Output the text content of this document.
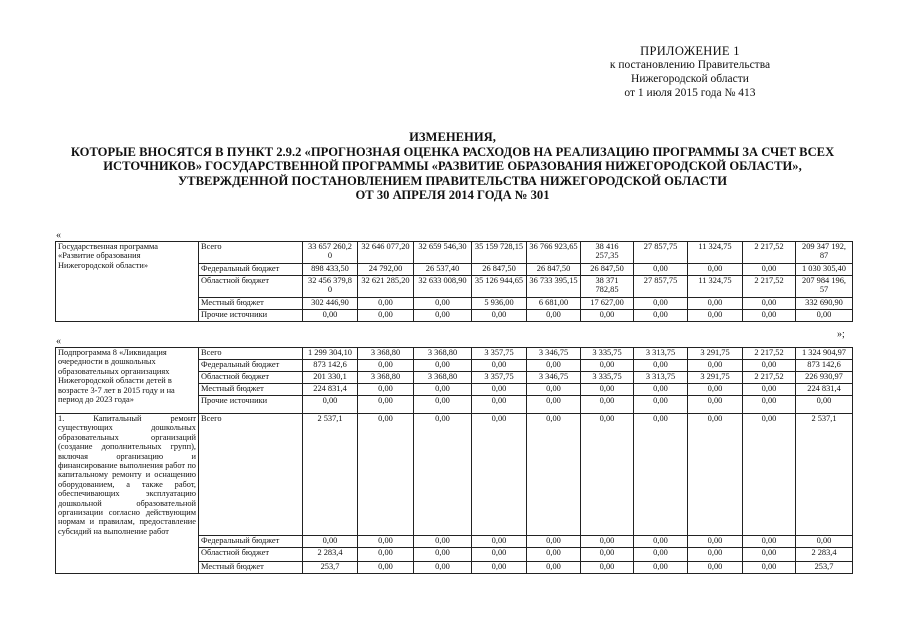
ПРИЛОЖЕНИЕ 1
к постановлению Правительства
Нижегородской области
от 1 июля 2015 года № 413
ИЗМЕНЕНИЯ,
КОТОРЫЕ ВНОСЯТСЯ В ПУНКТ 2.9.2 «ПРОГНОЗНАЯ ОЦЕНКА РАСХОДОВ НА РЕАЛИЗАЦИЮ ПРОГРАММЫ ЗА СЧЕТ ВСЕХ
ИСТОЧНИКОВ» ГОСУДАРСТВЕННОЙ ПРОГРАММЫ «РАЗВИТИЕ ОБРАЗОВАНИЯ НИЖЕГОРОДСКОЙ ОБЛАСТИ»,
УТВЕРЖДЕННОЙ ПОСТАНОВЛЕНИЕМ ПРАВИТЕЛЬСТВА НИЖЕГОРОДСКОЙ ОБЛАСТИ
ОТ 30 АПРЕЛЯ 2014 ГОДА № 301
«
Государственная программа «Развитие образования Нижегородской области»	Всего	33 657 260,2 0	32 646 077,20	32 659 546,30	35 159 728,15	36 766 923,65	38 416 257,35	27 857,75	11 324,75	2 217,52	209 347 192, 87
	Федеральный бюджет	898 433,50	24 792,00	26 537,40	26 847,50	26 847,50	26 847,50	0,00	0,00	0,00	1 030 305,40
	Областной бюджет	32 456 379,8 0	32 621 285,20	32 633 008,90	35 126 944,65	36 733 395,15	38 371 782,85	27 857,75	11 324,75	2 217,52	207 984 196, 57
	Местный бюджет	302 446,90	0,00	0,00	5 936,00	6 681,00	17 627,00	0,00	0,00	0,00	332 690,90
	Прочие источники	0,00	0,00	0,00	0,00	0,00	0,00	0,00	0,00	0,00	0,00
«
»;
Подпрограмма 8 «Ликвидация очередности в дошкольных образовательных организациях Нижегородской области детей в возрасте 3-7 лет в 2015 году и на период до 2023 года»	Всего	1 299 304,10	3 368,80	3 368,80	3 357,75	3 346,75	3 335,75	3 313,75	3 291,75	2 217,52	1 324 904,97
	Федеральный бюджет	873 142,6	0,00	0,00	0,00	0,00	0,00	0,00	0,00	0,00	873 142,6
	Областной бюджет	201 330,1	3 368,80	3 368,80	3 357,75	3 346,75	3 335,75	3 313,75	3 291,75	2 217,52	226 930,97
	Местный бюджет	224 831,4	0,00	0,00	0,00	0,00	0,00	0,00	0,00	0,00	224 831,4
	Прочие источники	0,00	0,00	0,00	0,00	0,00	0,00	0,00	0,00	0,00	0,00
1. Капитальный ремонт существующих дошкольных образовательных организаций (создание дополнительных групп), включая организацию и финансирование выполнения работ по капитальному ремонту и оснащению оборудованием, а также работ, обеспечивающих эксплуатацию дошкольной образовательной организации согласно действующим нормам и правилам, предоставление субсидий на выполнение работ	Всего	2 537,1	0,00	0,00	0,00	0,00	0,00	0,00	0,00	0,00	2 537,1
	Федеральный бюджет	0,00	0,00	0,00	0,00	0,00	0,00	0,00	0,00	0,00	0,00
	Областной бюджет	2 283,4	0,00	0,00	0,00	0,00	0,00	0,00	0,00	0,00	2 283,4
	Местный бюджет	253,7	0,00	0,00	0,00	0,00	0,00	0,00	0,00	0,00	253,7
